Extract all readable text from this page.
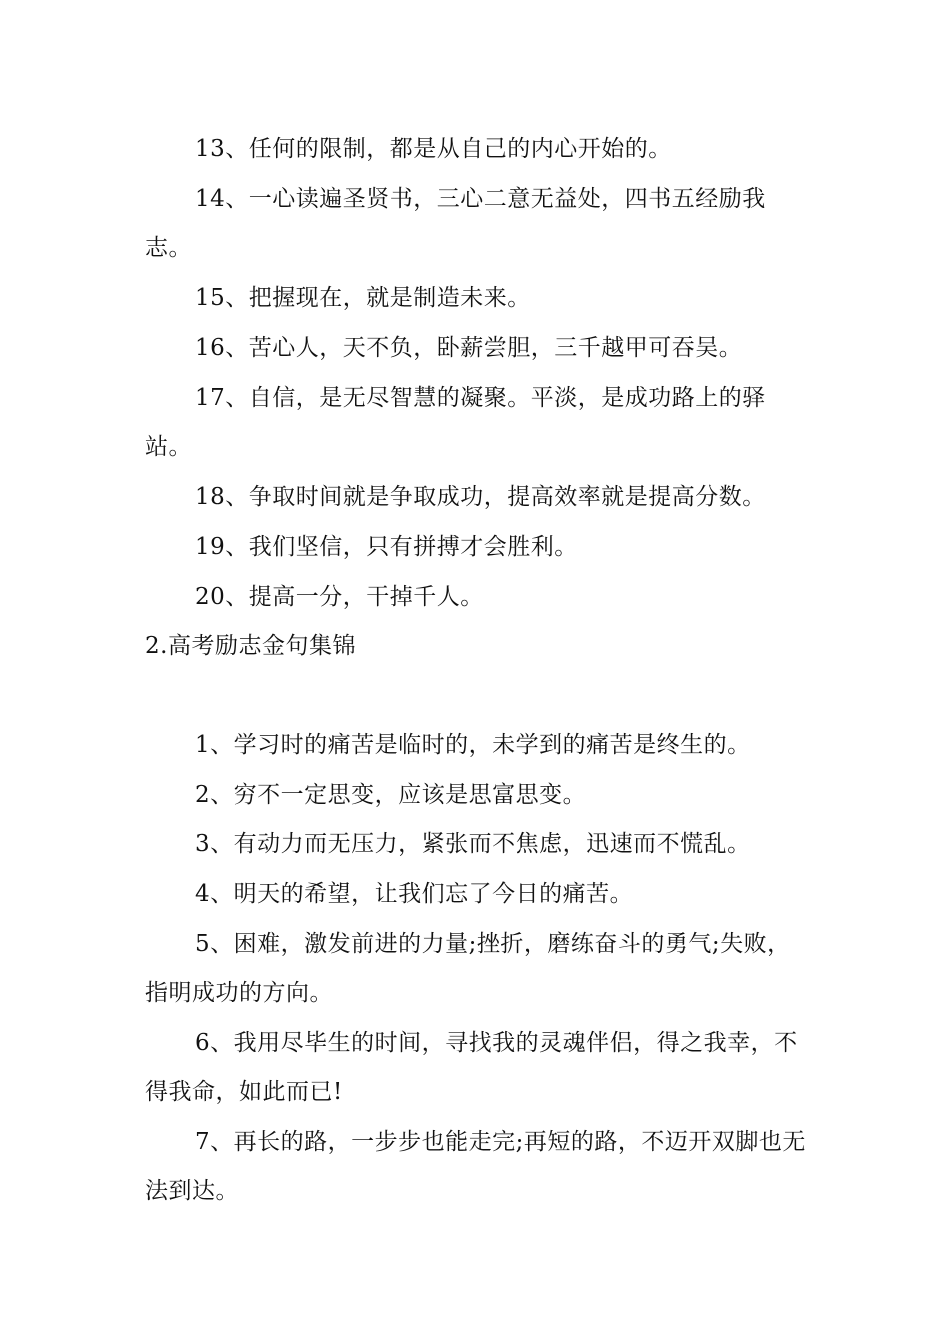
13、任何的限制，都是从自己的内心开始的。

14、一心读遍圣贤书，三心二意无益处，四书五经励我志。

15、把握现在，就是制造未来。

16、苦心人，天不负，卧薪尝胆，三千越甲可吞吴。

17、自信，是无尽智慧的凝聚。平淡，是成功路上的驿站。

18、争取时间就是争取成功，提高效率就是提高分数。

19、我们坚信，只有拼搏才会胜利。

20、提高一分，干掉千人。

2.高考励志金句集锦

1、学习时的痛苦是临时的，未学到的痛苦是终生的。

2、穷不一定思变，应该是思富思变。

3、有动力而无压力，紧张而不焦虑，迅速而不慌乱。

4、明天的希望，让我们忘了今日的痛苦。

5、困难，激发前进的力量;挫折，磨练奋斗的勇气;失败，指明成功的方向。

6、我用尽毕生的时间，寻找我的灵魂伴侣，得之我幸，不得我命，如此而已!

7、再长的路，一步步也能走完;再短的路，不迈开双脚也无法到达。
